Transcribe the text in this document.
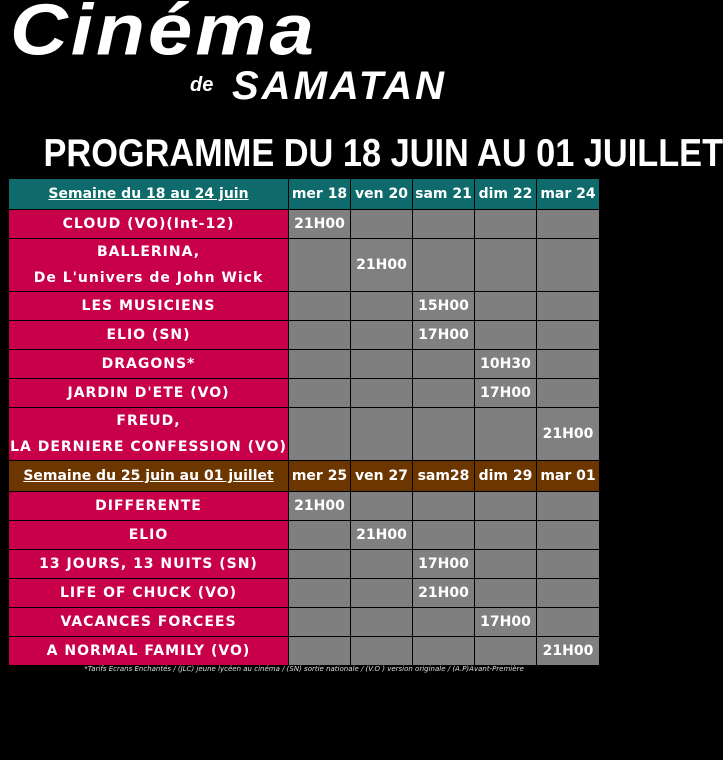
Cinéma
de SAMATAN
PROGRAMME DU 18 JUIN AU 01 JUILLET
Semaine du 18 au 24 juin	mer 18	ven 20	sam 21	dim 22	mar 24

CLOUD (VO)(Int-12)	21H00				

BALLERINA,
De L'univers de John Wick		21H00			

LES MUSICIENS			15H00		

ELIO (SN)			17H00		

DRAGONS*				10H30	

JARDIN D'ETE (VO)				17H00	

FREUD,
LA DERNIERE CONFESSION (VO)					21H00
Semaine du 25 juin au 01 juillet	mer 25	ven 27	sam28	dim 29	mar 01

DIFFERENTE	21H00				

ELIO		21H00			

13 JOURS, 13 NUITS (SN)			17H00		

LIFE OF CHUCK (VO)			21H00		

VACANCES FORCEES				17H00	

A NORMAL FAMILY (VO)					21H00
*Tarifs Ecrans Enchantés / (JLC) jeune lycéen au cinéma / (SN) sortie nationale / (V.O ) version originale / (A.P)Avant-Première
